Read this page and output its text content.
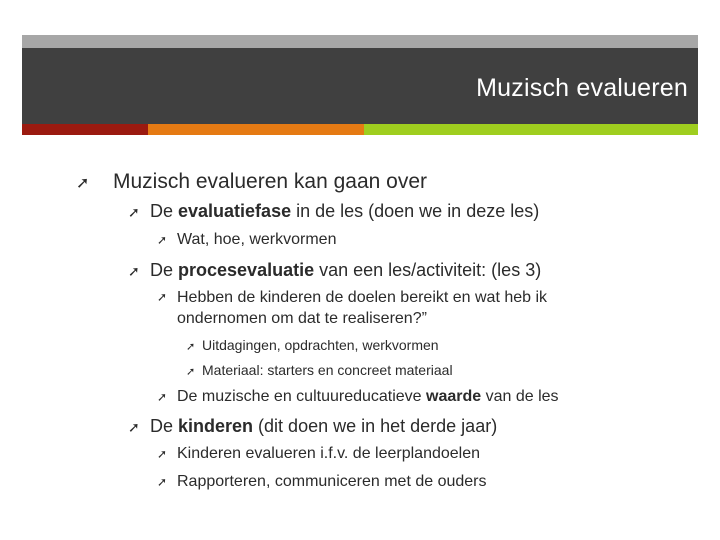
Muzisch evalueren
➚	Muzisch evalueren kan gaan over
➚ De evaluatiefase in de les (doen we in deze les)
➚ Wat, hoe, werkvormen
➚ De procesevaluatie van een les/activiteit: (les 3)
➚ Hebben de kinderen de doelen bereikt en wat heb ik ondernomen om dat te realiseren?”
➚ Uitdagingen, opdrachten, werkvormen
➚ Materiaal: starters en concreet materiaal
➚ De muzische en cultuureducatieve waarde van de les
➚ De kinderen (dit doen we in het derde jaar)
➚ Kinderen evalueren i.f.v. de leerplandoelen
➚ Rapporteren, communiceren met de ouders
